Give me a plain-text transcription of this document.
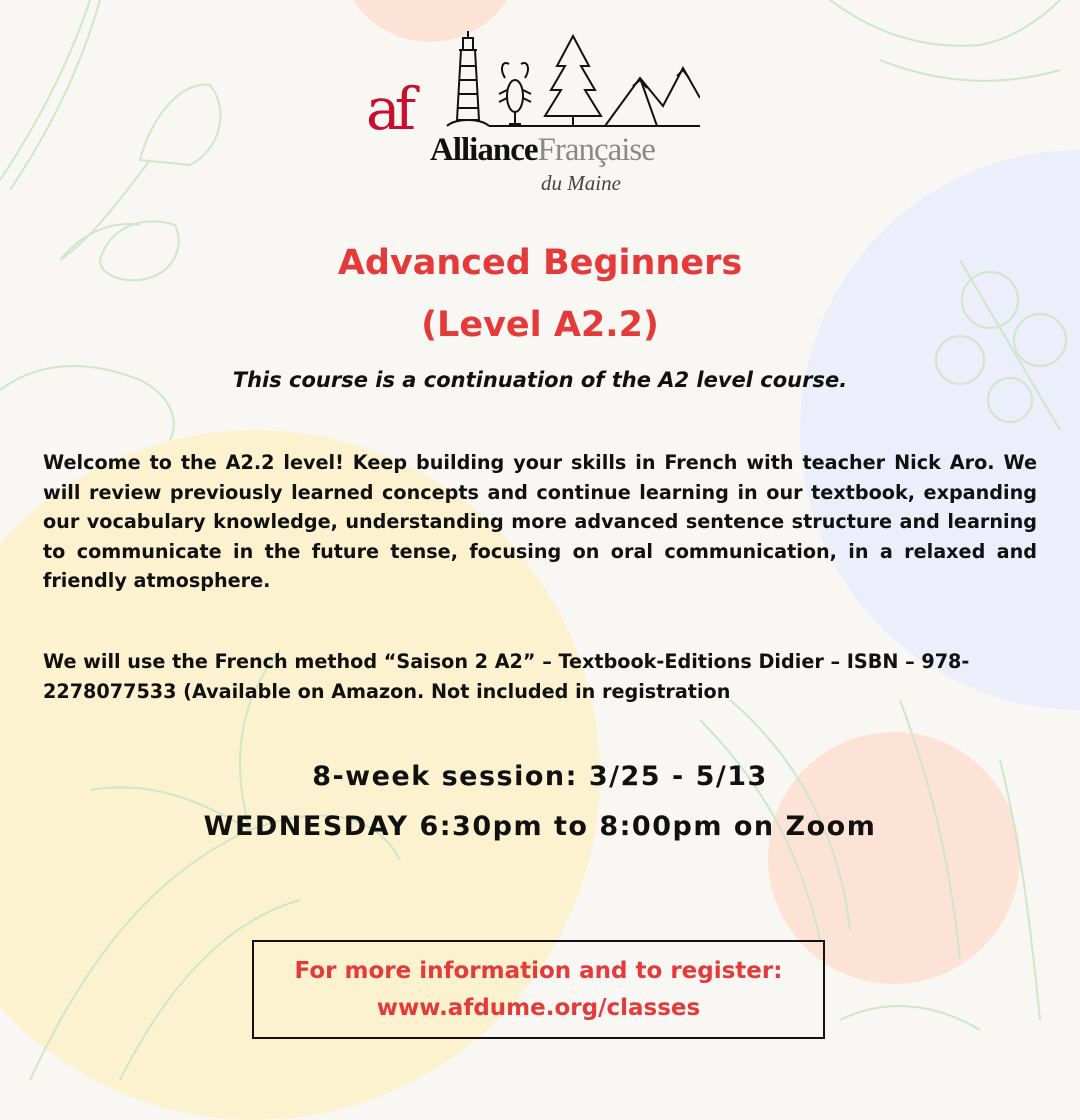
af
AllianceFrançaise
du Maine
Advanced Beginners
(Level A2.2)
This course is a continuation of the A2 level course.
Welcome to the A2.2 level! Keep building your skills in French with teacher Nick Aro. We will review previously learned concepts and continue learning in our textbook, expanding our vocabulary knowledge, understanding more advanced sentence structure and learning to communicate in the future tense, focusing on oral communication, in a relaxed and friendly atmosphere.
We will use the French method “Saison 2 A2” – Textbook-Editions Didier – ISBN – 978-2278077533 (Available on Amazon. Not included in registration
8-week session: 3/25 - 5/13
WEDNESDAY 6:30pm to 8:00pm on Zoom
For more information and to register:
www.afdume.org/classes
